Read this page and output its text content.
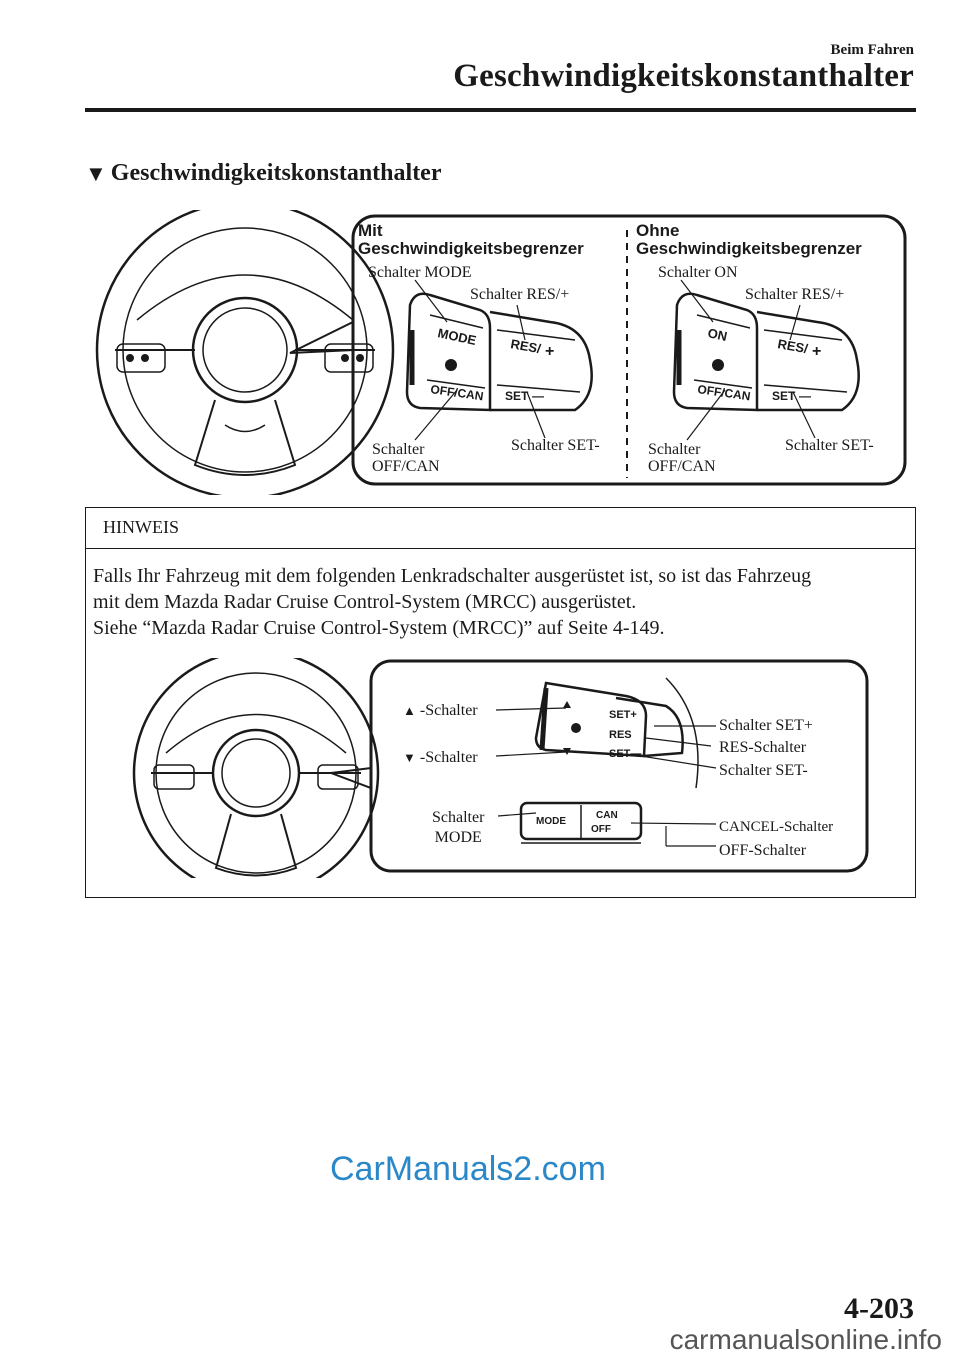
Beim Fahren
Geschwindigkeitskonstanthalter
▼ Geschwindigkeitskonstanthalter
MODE RES/ +
OFF/CAN SET —
ON
RES/ +
OFF/CAN SET —
Mit
Geschwindigkeitsbegrenzer
Ohne
Geschwindigkeitsbegrenzer
Schalter MODE
Schalter RES/+
Schalter
OFF/CAN
Schalter SET-
Schalter ON
Schalter RES/+
Schalter
OFF/CAN
Schalter SET-
HINWEIS
Falls Ihr Fahrzeug mit dem folgenden Lenkradschalter ausgerüstet ist, so ist das Fahrzeug
mit dem Mazda Radar Cruise Control-System (MRCC) ausgerüstet.
Siehe “Mazda Radar Cruise Control-System (MRCC)” auf Seite 4-149.
SET+
RES
SET—
MODE
CAN
OFF
▲ -Schalter
▼ -Schalter
Schalter
MODE
Schalter SET+
RES-Schalter
Schalter SET-
CANCEL-Schalter
OFF-Schalter
4-203
CarManuals2.com
carmanualsonline.info
